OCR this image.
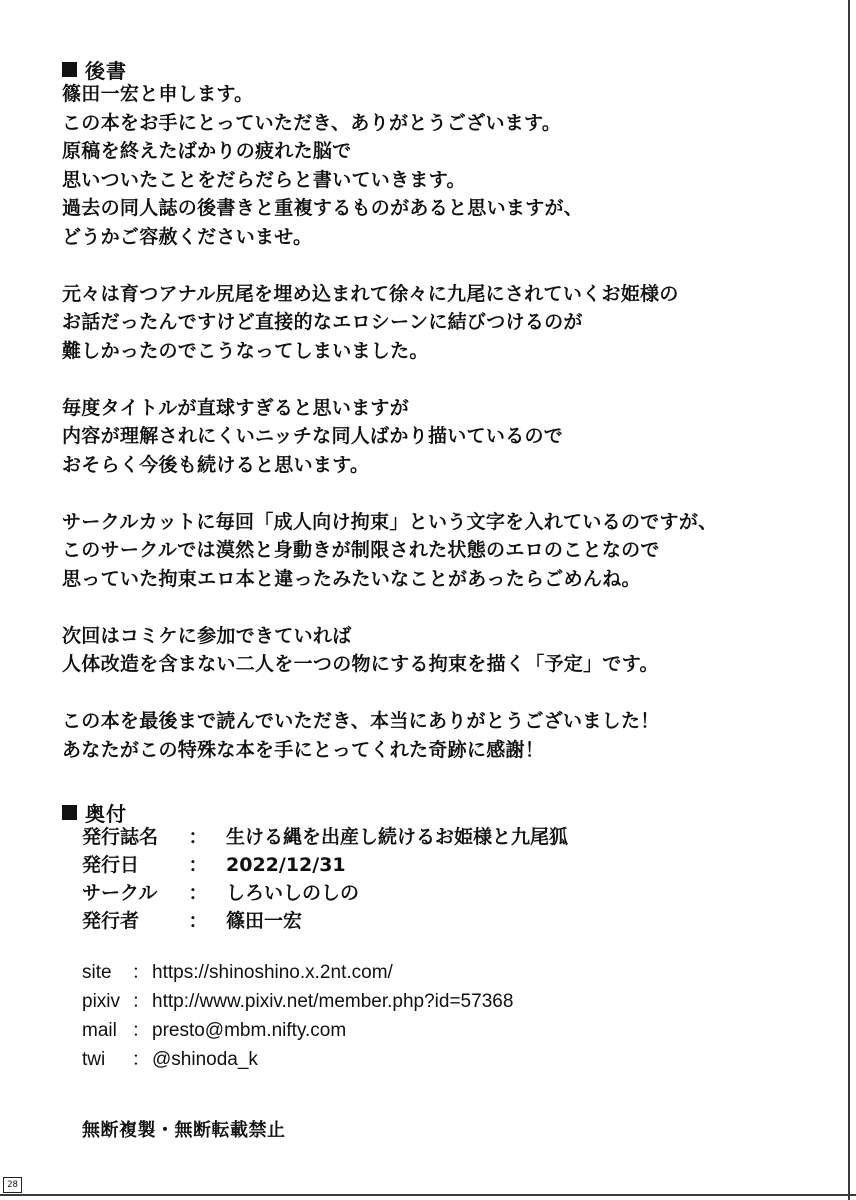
後書
篠田一宏と申します。
この本をお手にとっていただき、ありがとうございます。
原稿を終えたばかりの疲れた脳で
思いついたことをだらだらと書いていきます。
過去の同人誌の後書きと重複するものがあると思いますが、
どうかご容赦くださいませ。
元々は育つアナル尻尾を埋め込まれて徐々に九尾にされていくお姫様の
お話だったんですけど直接的なエロシーンに結びつけるのが
難しかったのでこうなってしまいました。
毎度タイトルが直球すぎると思いますが
内容が理解されにくいニッチな同人ばかり描いているので
おそらく今後も続けると思います。
サークルカットに毎回「成人向け拘束」という文字を入れているのですが、
このサークルでは漠然と身動きが制限された状態のエロのことなので
思っていた拘束エロ本と違ったみたいなことがあったらごめんね。
次回はコミケに参加できていれば
人体改造を含まない二人を一つの物にする拘束を描く「予定」です。
この本を最後まで読んでいただき、本当にありがとうございました！
あなたがこの特殊な本を手にとってくれた奇跡に感謝！
奥付
発行誌名	： 生ける縄を出産し続けるお姫様と九尾狐
発行日	： 2022/12/31
サークル	： しろいしのしの
発行者	： 篠田一宏
site	： https://shinoshino.x.2nt.com/
pixiv ： http://www.pixiv.net/member.php?id=57368
mail ： presto@mbm.nifty.com
twi	： @shinoda_k
無断複製・無断転載禁止
28
